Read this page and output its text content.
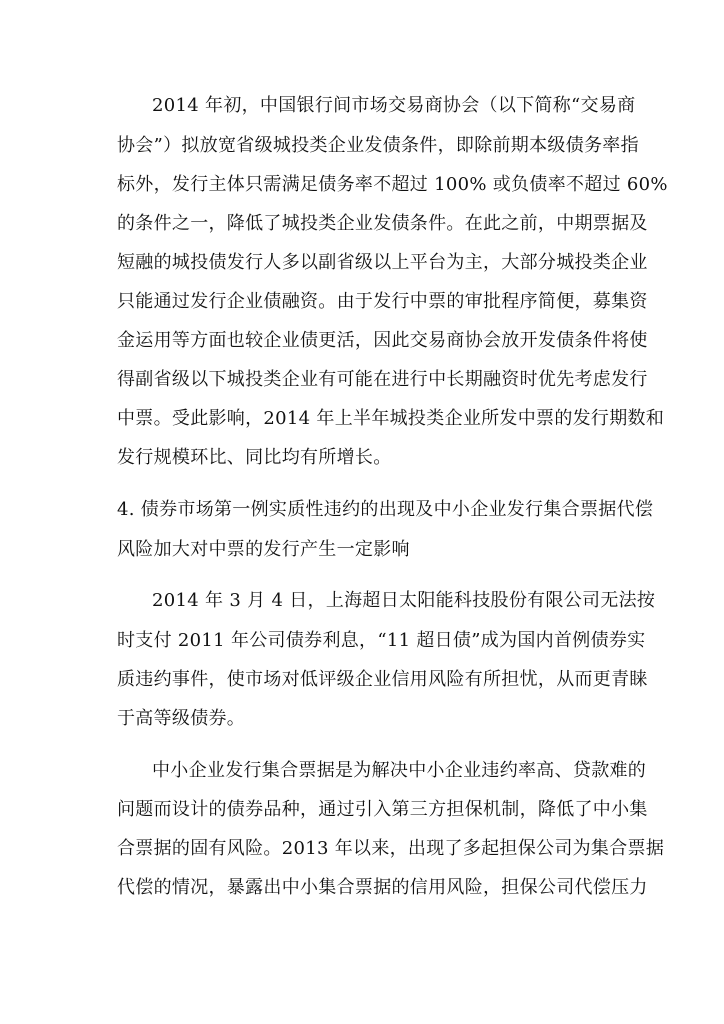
2014 年初，中国银行间市场交易商协会（以下简称“交易商
协会”）拟放宽省级城投类企业发债条件，即除前期本级债务率指
标外，发行主体只需满足债务率不超过 100% 或负债率不超过 60%
的条件之一，降低了城投类企业发债条件。在此之前，中期票据及
短融的城投债发行人多以副省级以上平台为主，大部分城投类企业
只能通过发行企业债融资。由于发行中票的审批程序简便，募集资
金运用等方面也较企业债更活，因此交易商协会放开发债条件将使
得副省级以下城投类企业有可能在进行中长期融资时优先考虑发行
中票。受此影响，2014 年上半年城投类企业所发中票的发行期数和
发行规模环比、同比均有所增长。
4. 债券市场第一例实质性违约的出现及中小企业发行集合票据代偿
风险加大对中票的发行产生一定影响
2014 年 3 月 4 日，上海超日太阳能科技股份有限公司无法按
时支付 2011 年公司债券利息，“11 超日债”成为国内首例债券实
质违约事件，使市场对低评级企业信用风险有所担忧，从而更青睐
于高等级债券。
中小企业发行集合票据是为解决中小企业违约率高、贷款难的
问题而设计的债券品种，通过引入第三方担保机制，降低了中小集
合票据的固有风险。2013 年以来，出现了多起担保公司为集合票据
代偿的情况，暴露出中小集合票据的信用风险，担保公司代偿压力
